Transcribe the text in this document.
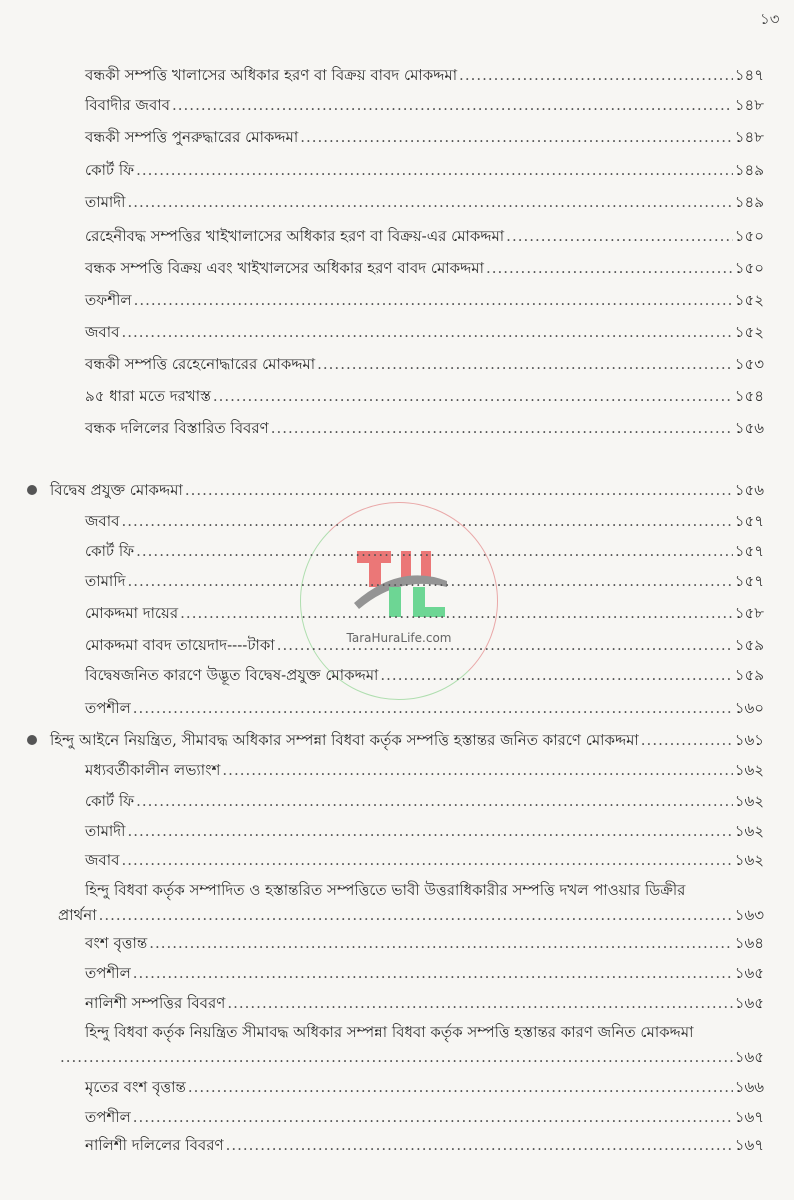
১৩
TaraHuraLife.com
বন্ধকী সম্পত্তি খালাসের অধিকার হরণ বা বিক্রয় বাবদ মোকদ্দমা .....	১৪৭
বিবাদীর জবাব .....	১৪৮
বন্ধকী সম্পত্তি পুনরুদ্ধারের মোকদ্দমা .....	১৪৮
কোর্ট ফি .....	১৪৯
তামাদী .....	১৪৯
রেহেনীবদ্ধ সম্পত্তির খাইখালাসের অধিকার হরণ বা বিক্রয়-এর মোকদ্দমা .....	১৫০
বন্ধক সম্পত্তি বিক্রয় এবং খাইখালসের অধিকার হরণ বাবদ মোকদ্দমা .....	১৫০
তফশীল .....	১৫২
জবাব .....	১৫২
বন্ধকী সম্পত্তি রেহেনোদ্ধারের মোকদ্দমা .....	১৫৩
৯৫ ধারা মতে দরখাস্ত .....	১৫৪
বন্ধক দলিলের বিস্তারিত বিবরণ .....	১৫৬
বিদ্বেষ প্রযুক্ত মোকদ্দমা .....	১৫৬
জবাব .....	১৫৭
কোর্ট ফি .....	১৫৭
তামাদি .....	১৫৭
মোকদ্দমা দায়ের .....	১৫৮
মোকদ্দমা বাবদ তায়েদাদ----টাকা .....	১৫৯
বিদ্বেষজনিত কারণে উদ্ভূত বিদ্বেষ-প্রযুক্ত মোকদ্দমা .....	১৫৯
তপশীল .....	১৬০
হিন্দু আইনে নিয়ন্ত্রিত, সীমাবদ্ধ অধিকার সম্পন্না বিধবা কর্তৃক সম্পত্তি হস্তান্তর জনিত কারণে মোকদ্দমা .....	১৬১
মধ্যবর্তীকালীন লভ্যাংশ .....	১৬২
কোর্ট ফি .....	১৬২
তামাদী .....	১৬২
জবাব .....	১৬২
হিন্দু বিধবা কর্তৃক সম্পাদিত ও হস্তান্তরিত সম্পত্তিতে ভাবী উত্তরাধিকারীর সম্পত্তি দখল পাওয়ার ডিক্রীর
প্রার্থনা .....	১৬৩
বংশ বৃত্তান্ত .....	১৬৪
তপশীল .....	১৬৫
নালিশী সম্পত্তির বিবরণ .....	১৬৫
হিন্দু বিধবা কর্তৃক নিয়ন্ত্রিত সীমাবদ্ধ অধিকার সম্পন্না বিধবা কর্তৃক সম্পত্তি হস্তান্তর কারণ জনিত মোকদ্দমা
.....
১৬৫
মৃতের বংশ বৃত্তান্ত .....	১৬৬
তপশীল .....	১৬৭
নালিশী দলিলের বিবরণ .....	১৬৭
